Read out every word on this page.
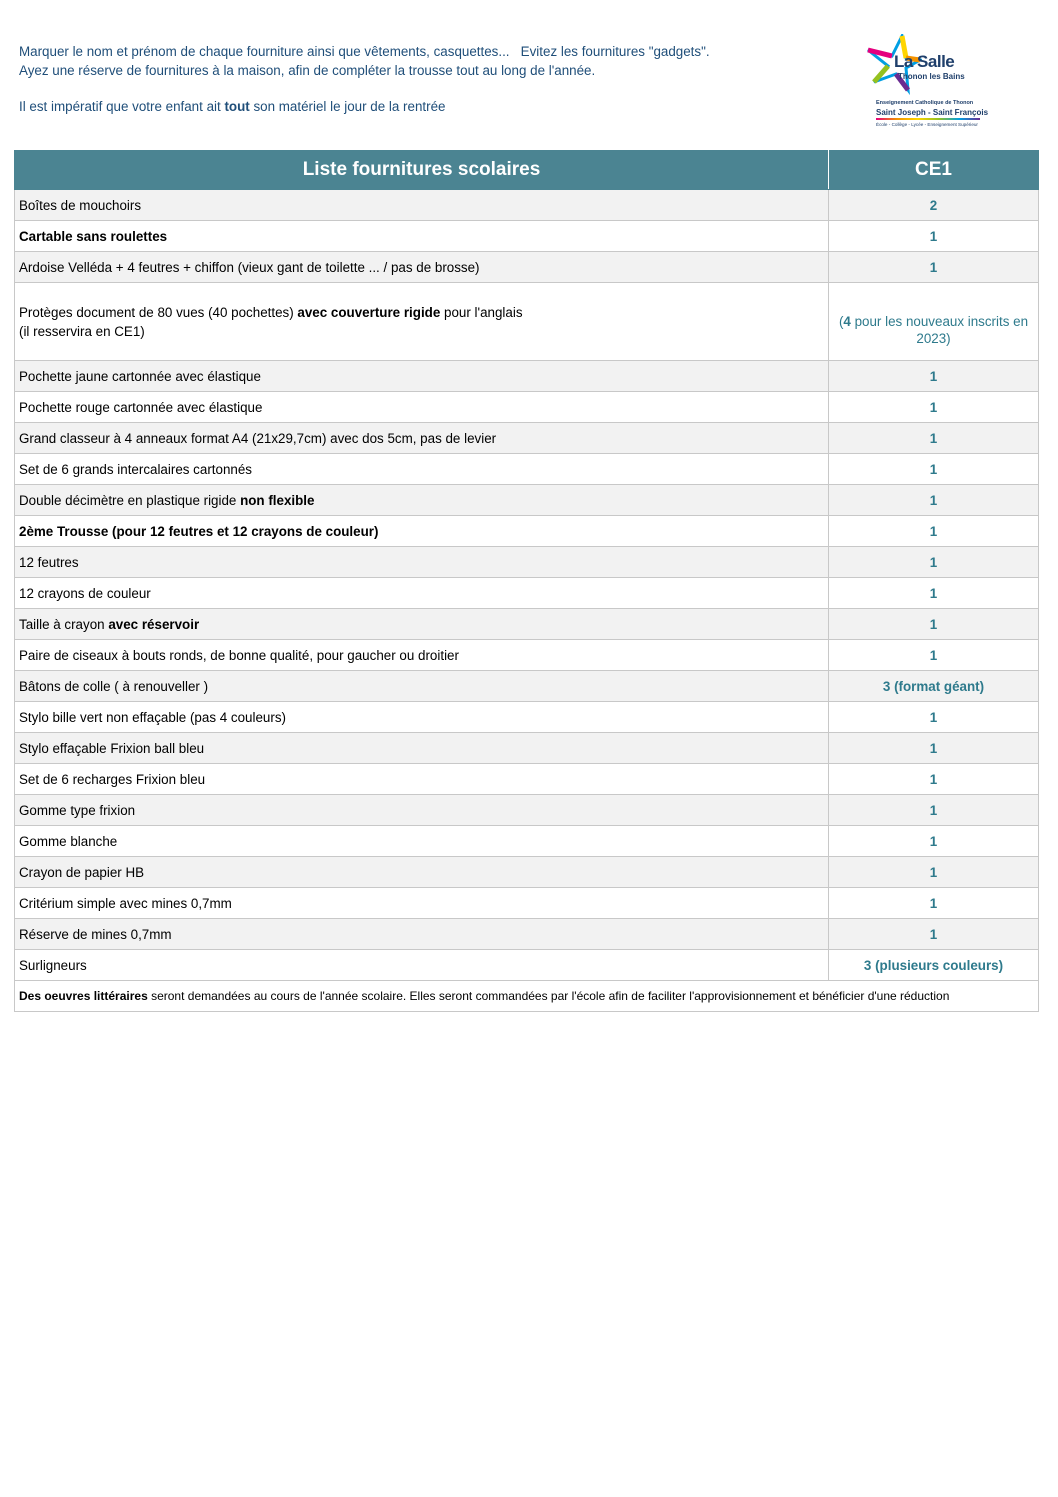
Marquer le nom et prénom de chaque fourniture ainsi que vêtements, casquettes...   Evitez les fournitures "gadgets".

Ayez une réserve de fournitures à la maison, afin de compléter la trousse tout au long de l'année.

Il est impératif que votre enfant ait tout son matériel le jour de la rentrée

La Salle
Thonon les Bains
Enseignement Catholique de Thonon
Saint Joseph - Saint François
École - Collège - Lycée - Enseignement Supérieur
Liste fournitures scolaires	CE1
Boîtes de mouchoirs	2
Cartable sans roulettes	1
Ardoise Velléda + 4 feutres + chiffon (vieux gant de toilette ... / pas de brosse)	1

Protèges document de 80 vues (40 pochettes) avec couverture rigide pour l'anglais
(il resservira en CE1)	(4 pour les nouveaux inscrits en 2023)
Pochette jaune cartonnée avec élastique	1
Pochette rouge cartonnée avec élastique	1
Grand classeur à 4 anneaux format A4 (21x29,7cm) avec dos 5cm, pas de levier	1
Set de 6 grands intercalaires cartonnés	1
Double décimètre en plastique rigide non flexible	1
2ème Trousse (pour 12 feutres et 12 crayons de couleur)	1
12 feutres	1
12 crayons de couleur	1
Taille à crayon avec réservoir	1
Paire de ciseaux à bouts ronds, de bonne qualité, pour gaucher ou droitier	1
Bâtons de colle ( à renouveller )	3 (format géant)
Stylo bille vert non effaçable (pas 4 couleurs)	1
Stylo effaçable Frixion ball bleu	1
Set de 6 recharges Frixion bleu	1
Gomme type frixion	1
Gomme blanche	1
Crayon de papier HB	1
Critérium simple avec mines 0,7mm	1
Réserve de mines 0,7mm	1
Surligneurs	3 (plusieurs couleurs)
Des oeuvres littéraires seront demandées au cours de l'année scolaire. Elles seront commandées par l'école afin de faciliter l'approvisionnement et bénéficier d'une réduction	
